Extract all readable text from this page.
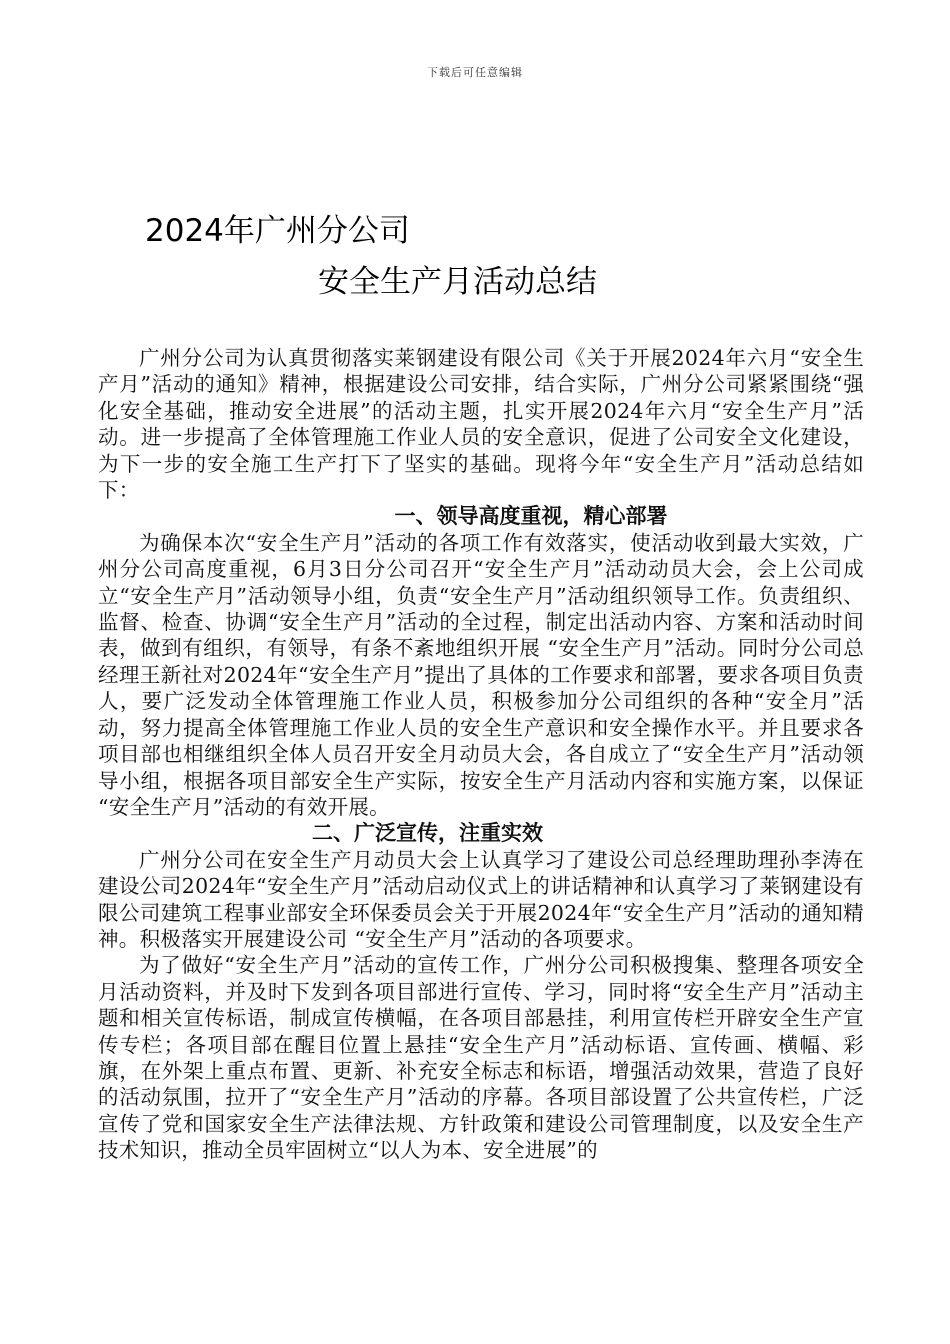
下载后可任意编辑
2024年广州分公司
安全生产月活动总结

广州分公司为认真贯彻落实莱钢建设有限公司《关于开展2024年六月“安全生产月”活动的通知》精神，根据建设公司安排，结合实际，广州分公司紧紧围绕“强化安全基础，推动安全进展”的活动主题，扎实开展2024年六月“安全生产月”活动。进一步提高了全体管理施工作业人员的安全意识，促进了公司安全文化建设，为下一步的安全施工生产打下了坚实的基础。现将今年“安全生产月”活动总结如下：

一、领导高度重视，精心部署

为确保本次“安全生产月”活动的各项工作有效落实，使活动收到最大实效，广州分公司高度重视，6月3日分公司召开“安全生产月”活动动员大会，会上公司成立“安全生产月”活动领导小组，负责“安全生产月”活动组织领导工作。负责组织、监督、检查、协调“安全生产月”活动的全过程，制定出活动内容、方案和活动时间表，做到有组织，有领导，有条不紊地组织开展 “安全生产月”活动。同时分公司总经理王新社对2024年“安全生产月”提出了具体的工作要求和部署，要求各项目负责人，要广泛发动全体管理施工作业人员，积极参加分公司组织的各种“安全月”活动，努力提高全体管理施工作业人员的安全生产意识和安全操作水平。并且要求各项目部也相继组织全体人员召开安全月动员大会，各自成立了“安全生产月”活动领导小组，根据各项目部安全生产实际，按安全生产月活动内容和实施方案，以保证 “安全生产月”活动的有效开展。

二、广泛宣传，注重实效

广州分公司在安全生产月动员大会上认真学习了建设公司总经理助理孙李涛在建设公司2024年“安全生产月”活动启动仪式上的讲话精神和认真学习了莱钢建设有限公司建筑工程事业部安全环保委员会关于开展2024年“安全生产月”活动的通知精神。积极落实开展建设公司 “安全生产月”活动的各项要求。

为了做好“安全生产月”活动的宣传工作，广州分公司积极搜集、整理各项安全月活动资料，并及时下发到各项目部进行宣传、学习，同时将“安全生产月”活动主题和相关宣传标语，制成宣传横幅，在各项目部悬挂，利用宣传栏开辟安全生产宣传专栏；各项目部在醒目位置上悬挂“安全生产月”活动标语、宣传画、横幅、彩旗，在外架上重点布置、更新、补充安全标志和标语，增强活动效果，营造了良好的活动氛围，拉开了“安全生产月”活动的序幕。各项目部设置了公共宣传栏，广泛宣传了党和国家安全生产法律法规、方针政策和建设公司管理制度，以及安全生产技术知识，推动全员牢固树立“以人为本、安全进展”的
